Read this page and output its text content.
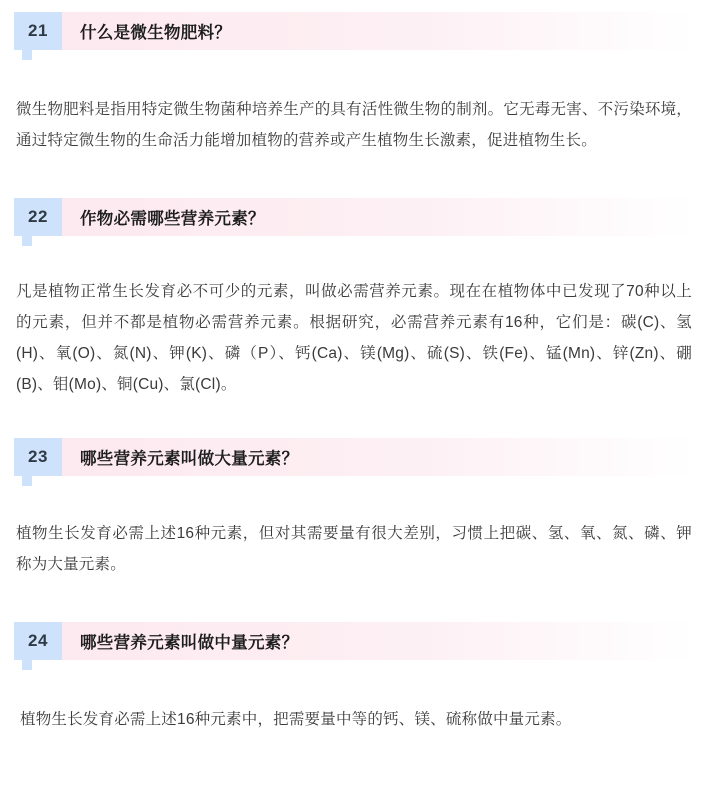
21	什么是微生物肥料？
微生物肥料是指用特定微生物菌种培养生产的具有活性微生物的制剂。它无毒无害、不污染环境，通过特定微生物的生命活力能增加植物的营养或产生植物生长激素，促进植物生长。
22	作物必需哪些营养元素？
凡是植物正常生长发育必不可少的元素，叫做必需营养元素。现在在植物体中已发现了70种以上的元素，但并不都是植物必需营养元素。根据研究，必需营养元素有16种，它们是：碳(C)、氢(H)、氧(O)、氮(N)、钾(K)、磷（P）、钙(Ca)、镁(Mg)、硫(S)、铁(Fe)、锰(Mn)、锌(Zn)、硼(B)、钼(Mo)、铜(Cu)、氯(Cl)。
23	哪些营养元素叫做大量元素？
植物生长发育必需上述16种元素，但对其需要量有很大差别，习惯上把碳、氢、氧、氮、磷、钾称为大量元素。
24	哪些营养元素叫做中量元素？
植物生长发育必需上述16种元素中，把需要量中等的钙、镁、硫称做中量元素。
